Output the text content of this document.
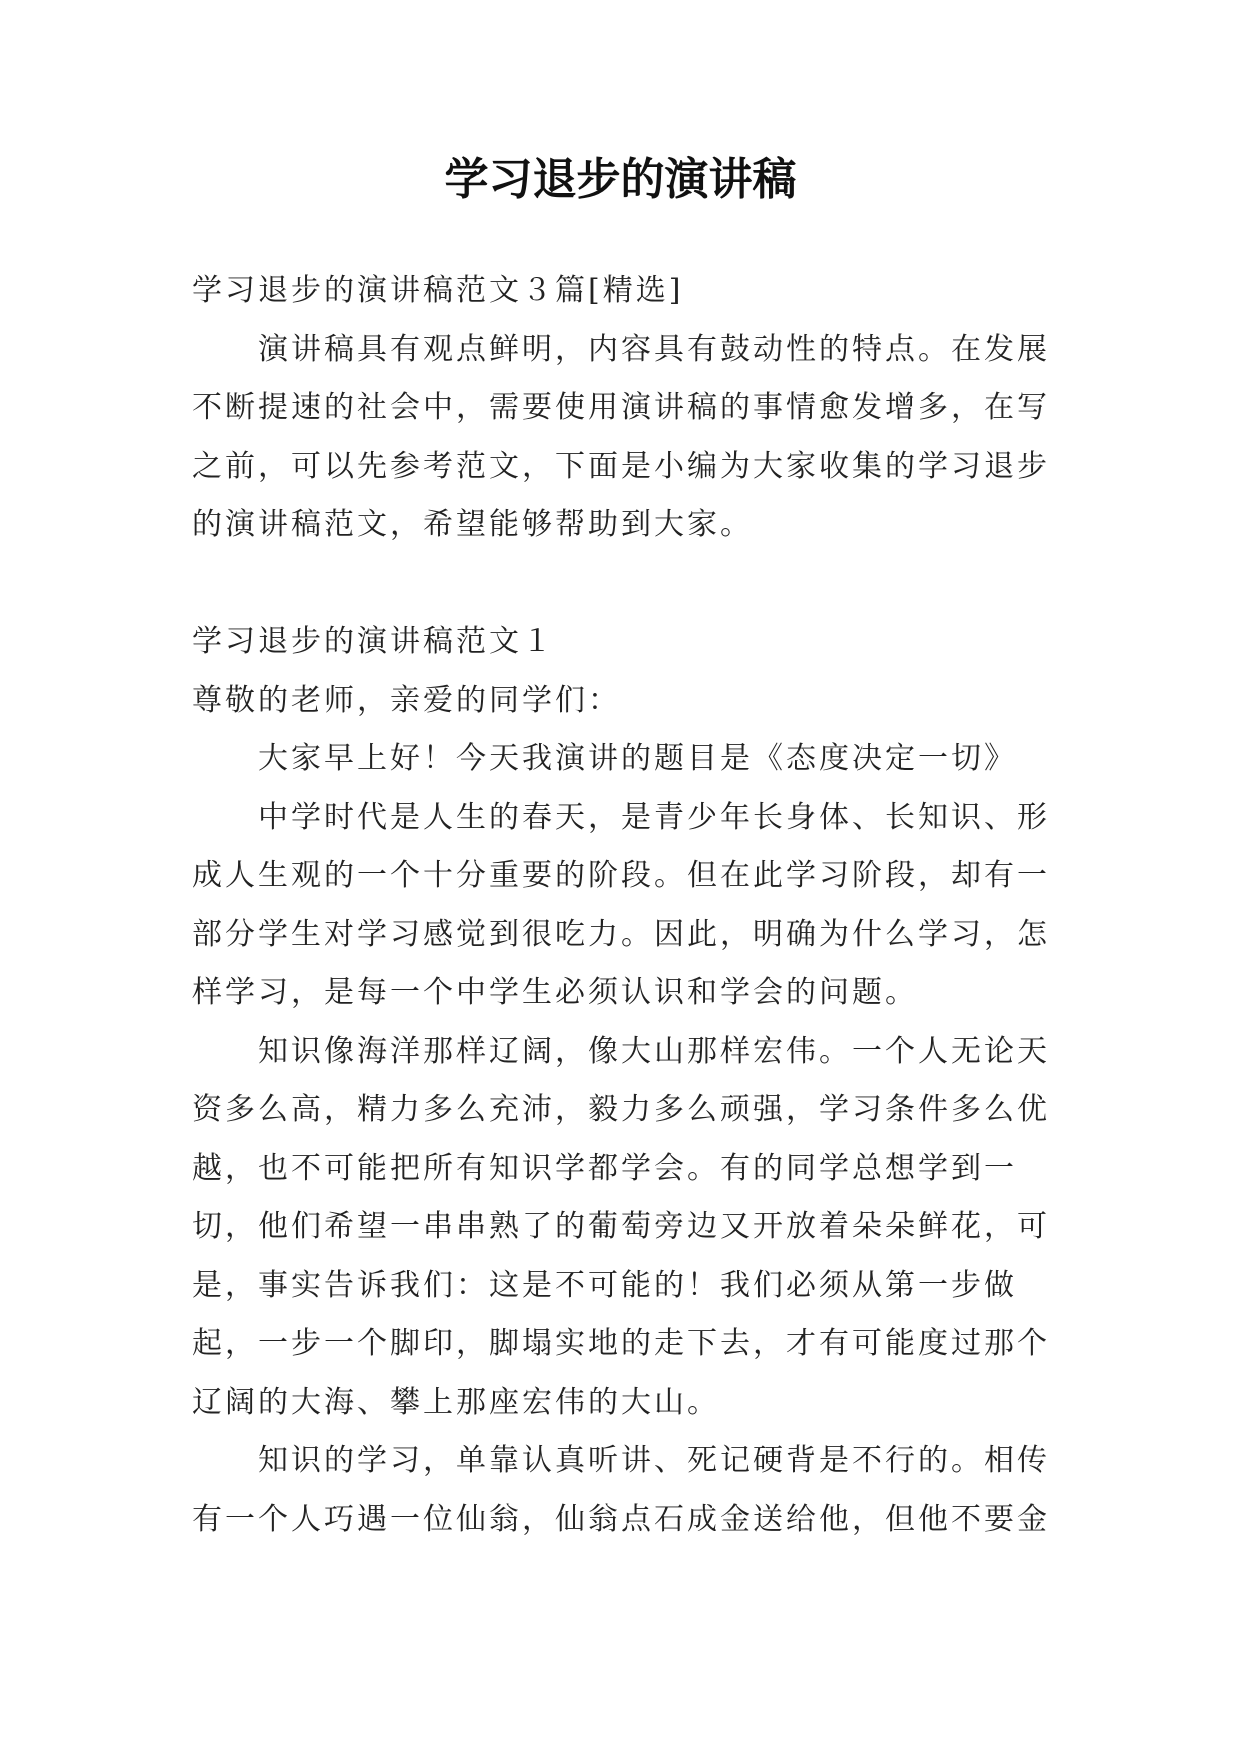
学习退步的演讲稿

学习退步的演讲稿范文３篇[精选]

演讲稿具有观点鲜明，内容具有鼓动性的特点。在发展不断提速的社会中，需要使用演讲稿的事情愈发增多，在写之前，可以先参考范文，下面是小编为大家收集的学习退步的演讲稿范文，希望能够帮助到大家。

学习退步的演讲稿范文１

尊敬的老师，亲爱的同学们：

大家早上好！今天我演讲的题目是《态度决定一切》

中学时代是人生的春天，是青少年长身体、长知识、形成人生观的一个十分重要的阶段。但在此学习阶段，却有一部分学生对学习感觉到很吃力。因此，明确为什么学习，怎样学习，是每一个中学生必须认识和学会的问题。

知识像海洋那样辽阔，像大山那样宏伟。一个人无论天资多么高，精力多么充沛，毅力多么顽强，学习条件多么优越，也不可能把所有知识学都学会。有的同学总想学到一切，他们希望一串串熟了的葡萄旁边又开放着朵朵鲜花，可是，事实告诉我们：这是不可能的！我们必须从第一步做起，一步一个脚印，脚塌实地的走下去，才有可能度过那个辽阔的大海、攀上那座宏伟的大山。

知识的学习，单靠认真听讲、死记硬背是不行的。相传有一个人巧遇一位仙翁，仙翁点石成金送给他，但他不要金
